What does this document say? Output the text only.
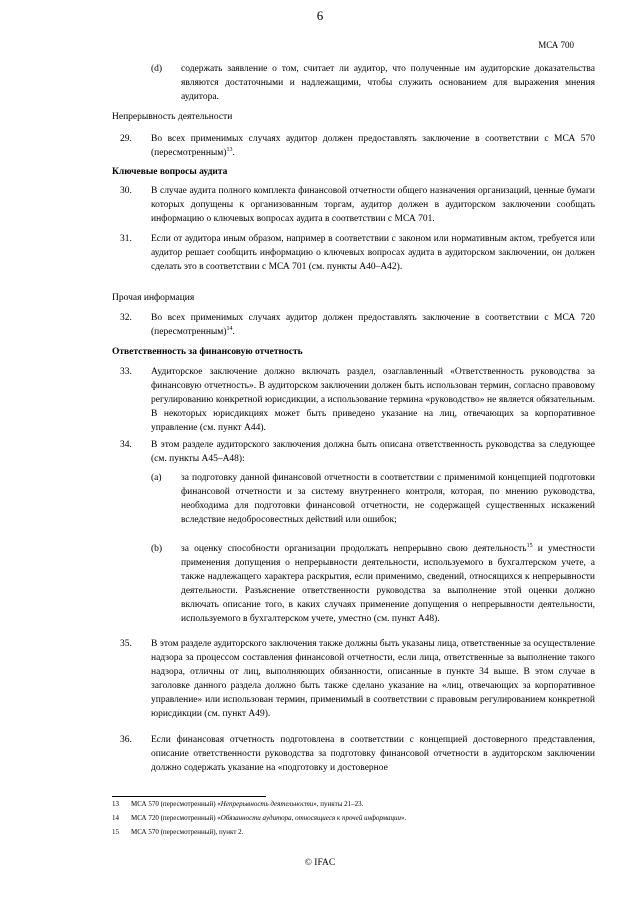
6
МСА 700
(d) содержать заявление о том, считает ли аудитор, что полученные им аудиторские доказательства являются достаточными и надлежащими, чтобы служить основанием для выражения мнения аудитора.
Непрерывность деятельности
29. Во всех применимых случаях аудитор должен предоставлять заключение в соответствии с МСА 570 (пересмотренным)$^{13}$.
Ключевые вопросы аудита
30. В случае аудита полного комплекта финансовой отчетности общего назначения организаций, ценные бумаги которых допущены к организованным торгам, аудитор должен в аудиторском заключении сообщать информацию о ключевых вопросах аудита в соответствии с МСА 701.
31. Если от аудитора иным образом, например в соответствии с законом или нормативным актом, требуется или аудитор решает сообщить информацию о ключевых вопросах аудита в аудиторском заключении, он должен сделать это в соответствии с МСА 701 (см. пункты А40–А42).
Прочая информация
32. Во всех применимых случаях аудитор должен предоставлять заключение в соответствии с МСА 720 (пересмотренным)$^{14}$.
Ответственность за финансовую отчетность
33. Аудиторское заключение должно включать раздел, озаглавленный «Ответственность руководства за финансовую отчетность». В аудиторском заключении должен быть использован термин, согласно правовому регулированию конкретной юрисдикции, а использование термина «руководство» не является обязательным. В некоторых юрисдикциях может быть приведено указание на лиц, отвечающих за корпоративное управление (см. пункт А44).
34. В этом разделе аудиторского заключения должна быть описана ответственность руководства за следующее (см. пункты А45–А48):
(a) за подготовку данной финансовой отчетности в соответствии с применимой концепцией подготовки финансовой отчетности и за систему внутреннего контроля, которая, по мнению руководства, необходима для подготовки финансовой отчетности, не содержащей существенных искажений вследствие недобросовестных действий или ошибок;
(b) за оценку способности организации продолжать непрерывно свою деятельность$^{15}$ и уместности применения допущения о непрерывности деятельности, используемого в бухгалтерском учете, а также надлежащего характера раскрытия, если применимо, сведений, относящихся к непрерывности деятельности. Разъяснение ответственности руководства за выполнение этой оценки должно включать описание того, в каких случаях применение допущения о непрерывности деятельности, используемого в бухгалтерском учете, уместно (см. пункт А48).
35. В этом разделе аудиторского заключения также должны быть указаны лица, ответственные за осуществление надзора за процессом составления финансовой отчетности, если лица, ответственные за выполнение такого надзора, отличны от лиц, выполняющих обязанности, описанные в пункте 34 выше. В этом случае в заголовке данного раздела должно быть также сделано указание на «лиц, отвечающих за корпоративное управление» или использован термин, применимый в соответствии с правовым регулированием конкретной юрисдикции (см. пункт А49).
36. Если финансовая отчетность подготовлена в соответствии с концепцией достоверного представления, описание ответственности руководства за подготовку финансовой отчетности в аудиторском заключении должно содержать указание на «подготовку и достоверное
13 МСА 570 (пересмотренный) «Непрерывность деятельности», пункты 21–23.
14 МСА 720 (пересмотренный) «Обязанности аудитора, относящиеся к прочей информации».
15 МСА 570 (пересмотренный), пункт 2.
© IFAC
